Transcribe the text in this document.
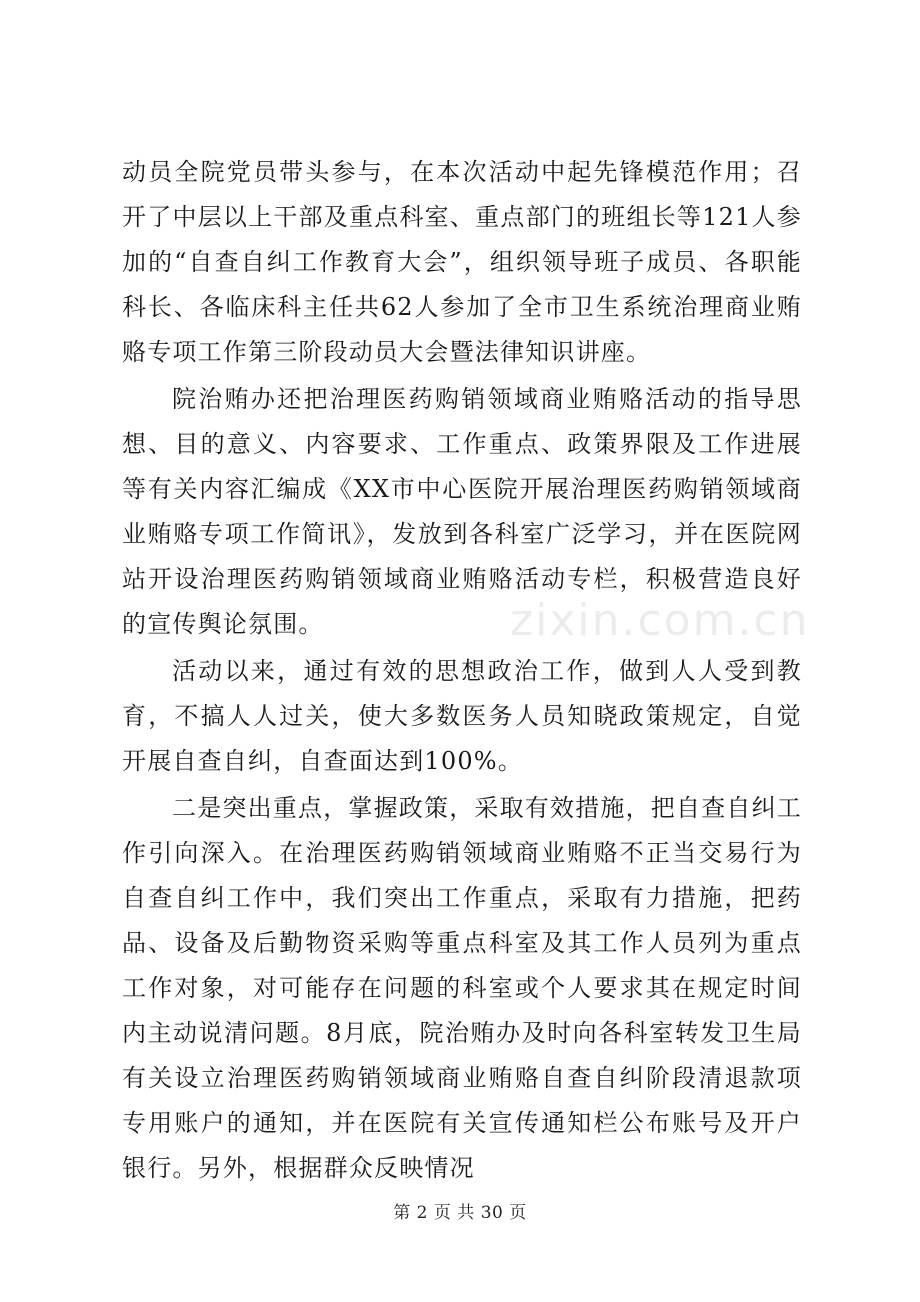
动员全院党员带头参与，在本次活动中起先锋模范作用；召开了中层以上干部及重点科室、重点部门的班组长等121人参加的“自查自纠工作教育大会”，组织领导班子成员、各职能科长、各临床科主任共62人参加了全市卫生系统治理商业贿赂专项工作第三阶段动员大会暨法律知识讲座。

院治贿办还把治理医药购销领域商业贿赂活动的指导思想、目的意义、内容要求、工作重点、政策界限及工作进展等有关内容汇编成《XX市中心医院开展治理医药购销领域商业贿赂专项工作简讯》，发放到各科室广泛学习，并在医院网站开设治理医药购销领域商业贿赂活动专栏，积极营造良好的宣传舆论氛围。

活动以来，通过有效的思想政治工作，做到人人受到教育，不搞人人过关，使大多数医务人员知晓政策规定，自觉开展自查自纠，自查面达到100%。

二是突出重点，掌握政策，采取有效措施，把自查自纠工作引向深入。在治理医药购销领域商业贿赂不正当交易行为自查自纠工作中，我们突出工作重点，采取有力措施，把药品、设备及后勤物资采购等重点科室及其工作人员列为重点工作对象，对可能存在问题的科室或个人要求其在规定时间内主动说清问题。8月底，院治贿办及时向各科室转发卫生局有关设立治理医药购销领域商业贿赂自查自纠阶段清退款项专用账户的通知，并在医院有关宣传通知栏公布账号及开户银行。另外，根据群众反映情况

zixin.com.cn
第 2 页 共 30 页
